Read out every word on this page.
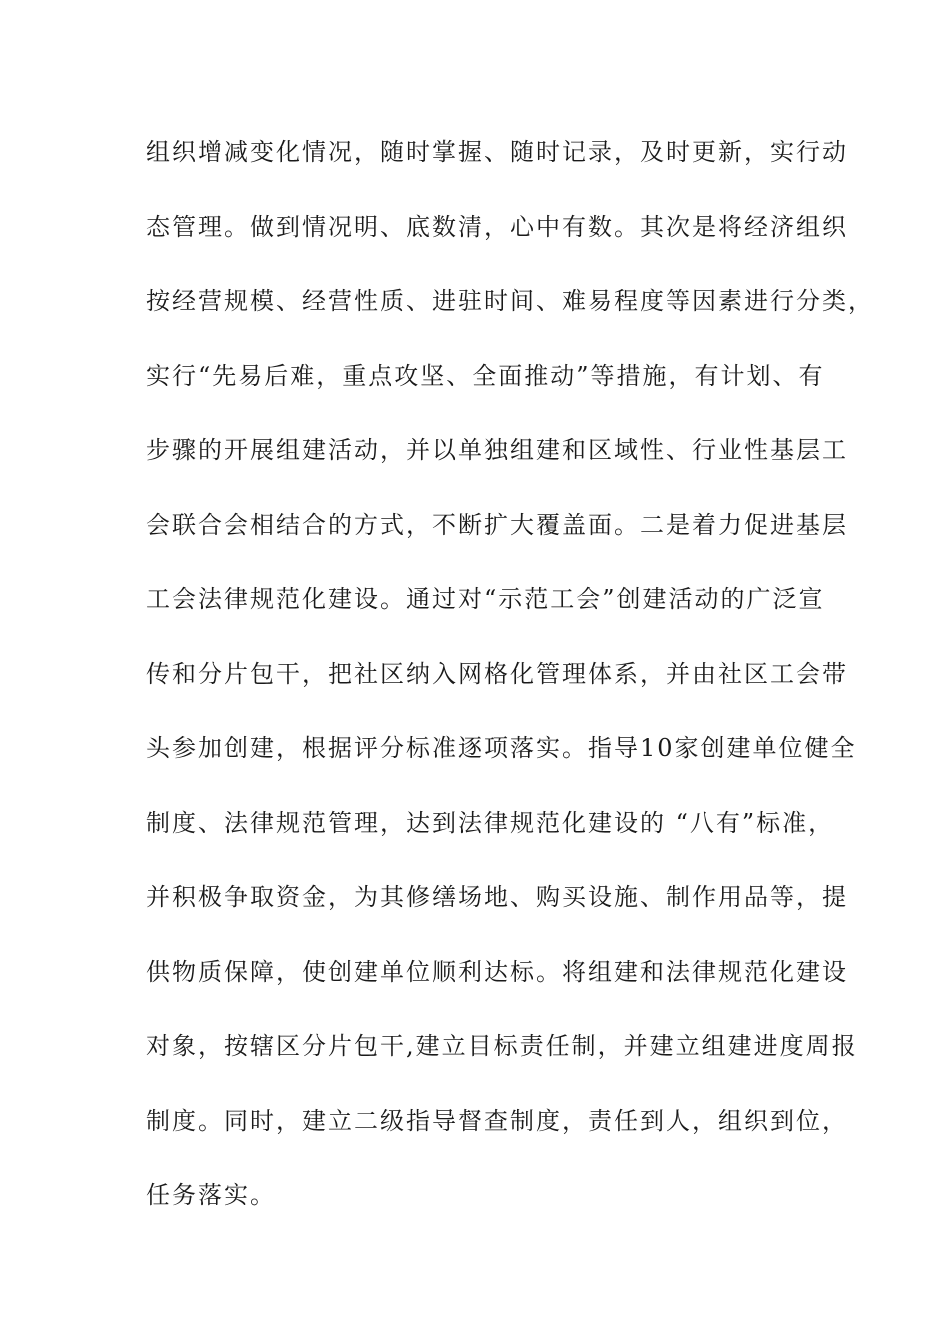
组织增减变化情况，随时掌握、随时记录，及时更新，实行动
态管理。做到情况明、底数清，心中有数。其次是将经济组织
按经营规模、经营性质、进驻时间、难易程度等因素进行分类，
实行“先易后难，重点攻坚、全面推动”等措施，有计划、有
步骤的开展组建活动，并以单独组建和区域性、行业性基层工
会联合会相结合的方式，不断扩大覆盖面。二是着力促进基层
工会法律规范化建设。通过对“示范工会”创建活动的广泛宣
传和分片包干，把社区纳入网格化管理体系，并由社区工会带
头参加创建，根据评分标准逐项落实。指导10家创建单位健全
制度、法律规范管理，达到法律规范化建设的 “八有”标准，
并积极争取资金，为其修缮场地、购买设施、制作用品等，提
供物质保障，使创建单位顺利达标。将组建和法律规范化建设
对象，按辖区分片包干,建立目标责任制，并建立组建进度周报
制度。同时，建立二级指导督查制度，责任到人，组织到位，
任务落实。
